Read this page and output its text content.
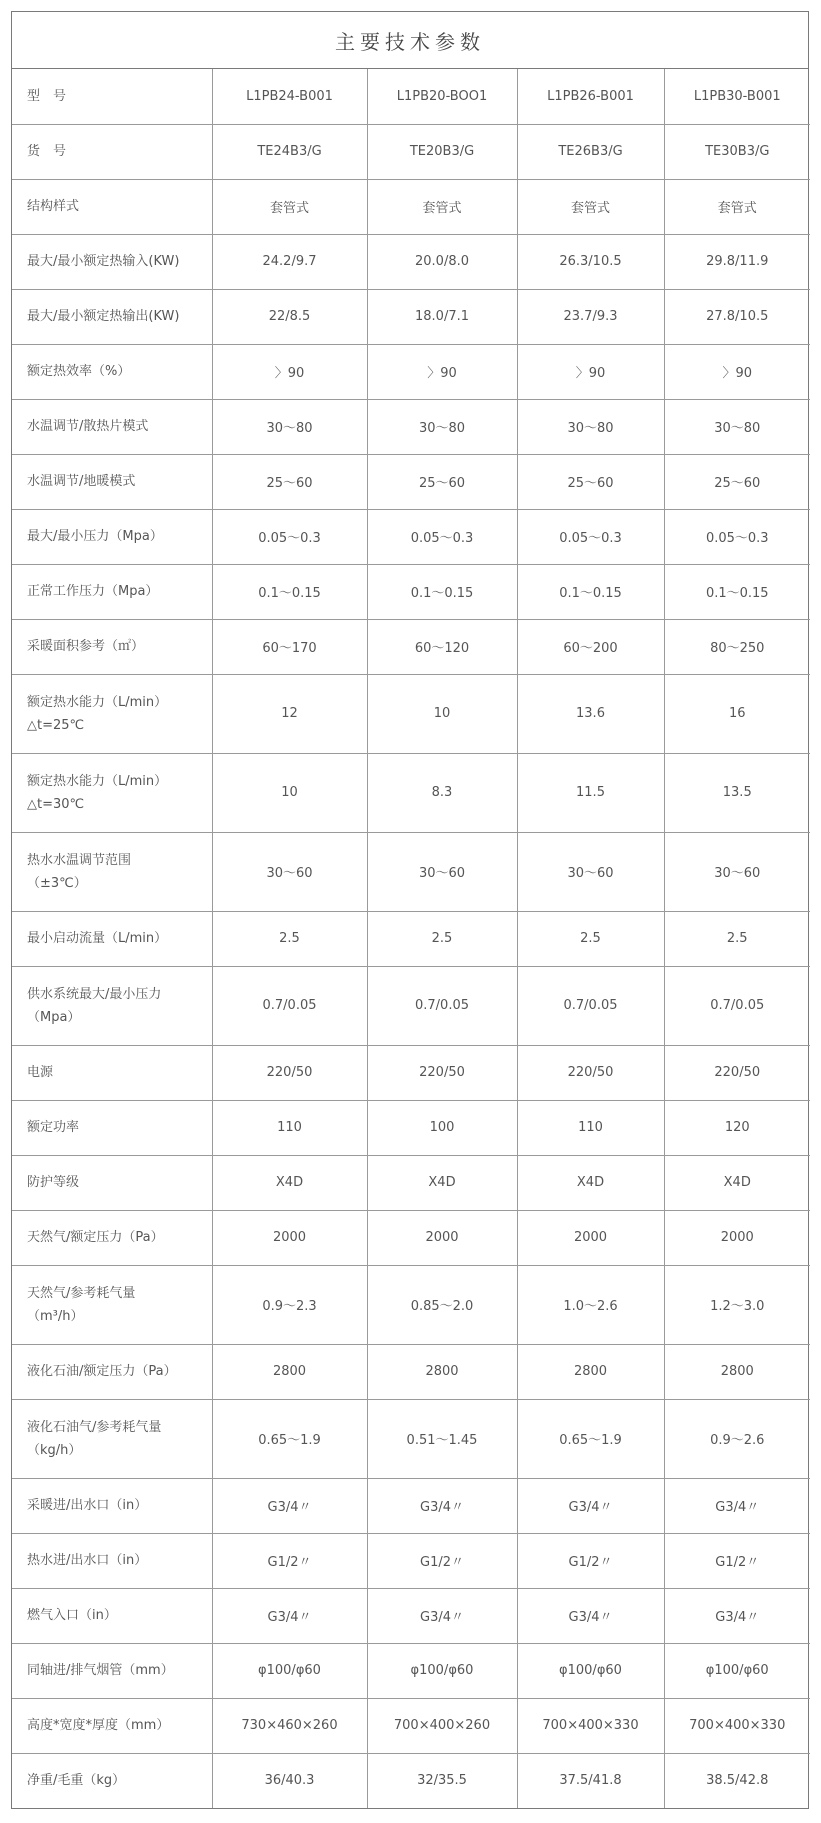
主要技术参数
型　号	L1PB24-B001	L1PB20-BOO1	L1PB26-B001	L1PB30-B001

货　号	TE24B3/G	TE20B3/G	TE26B3/G	TE30B3/G

结构样式	套管式	套管式	套管式	套管式

最大/最小额定热输入(KW)	24.2/9.7	20.0/8.0	26.3/10.5	29.8/11.9

最大/最小额定热输出(KW)	22/8.5	18.0/7.1	23.7/9.3	27.8/10.5

额定热效率（%）	〉90	〉90	〉90	〉90

水温调节/散热片模式	30～80	30～80	30～80	30～80

水温调节/地暖模式	25～60	25～60	25～60	25～60

最大/最小压力（Mpa）	0.05～0.3	0.05～0.3	0.05～0.3	0.05～0.3

正常工作压力（Mpa）	0.1～0.15	0.1～0.15	0.1～0.15	0.1～0.15

采暖面积参考（㎡）	60～170	60～120	60～200	80～250

额定热水能力（L/min）
△t=25℃	12	10	13.6	16

额定热水能力（L/min）
△t=30℃	10	8.3	11.5	13.5

热水水温调节范围
（±3℃）	30～60	30～60	30～60	30～60

最小启动流量（L/min）	2.5	2.5	2.5	2.5

供水系统最大/最小压力
（Mpa）	0.7/0.05	0.7/0.05	0.7/0.05	0.7/0.05

电源	220/50	220/50	220/50	220/50

额定功率	110	100	110	120

防护等级	X4D	X4D	X4D	X4D

天然气/额定压力（Pa）	2000	2000	2000	2000

天然气/参考耗气量
（m³/h）	0.9～2.3	0.85～2.0	1.0～2.6	1.2～3.0

液化石油/额定压力（Pa）	2800	2800	2800	2800

液化石油气/参考耗气量
（kg/h）	0.65～1.9	0.51～1.45	0.65～1.9	0.9～2.6

采暖进/出水口（in）	G3/4〃	G3/4〃	G3/4〃	G3/4〃

热水进/出水口（in）	G1/2〃	G1/2〃	G1/2〃	G1/2〃

燃气入口（in）	G3/4〃	G3/4〃	G3/4〃	G3/4〃

同轴进/排气烟管（mm）	φ100/φ60	φ100/φ60	φ100/φ60	φ100/φ60

高度*宽度*厚度（mm）	730×460×260	700×400×260	700×400×330	700×400×330

净重/毛重（kg）	36/40.3	32/35.5	37.5/41.8	38.5/42.8
